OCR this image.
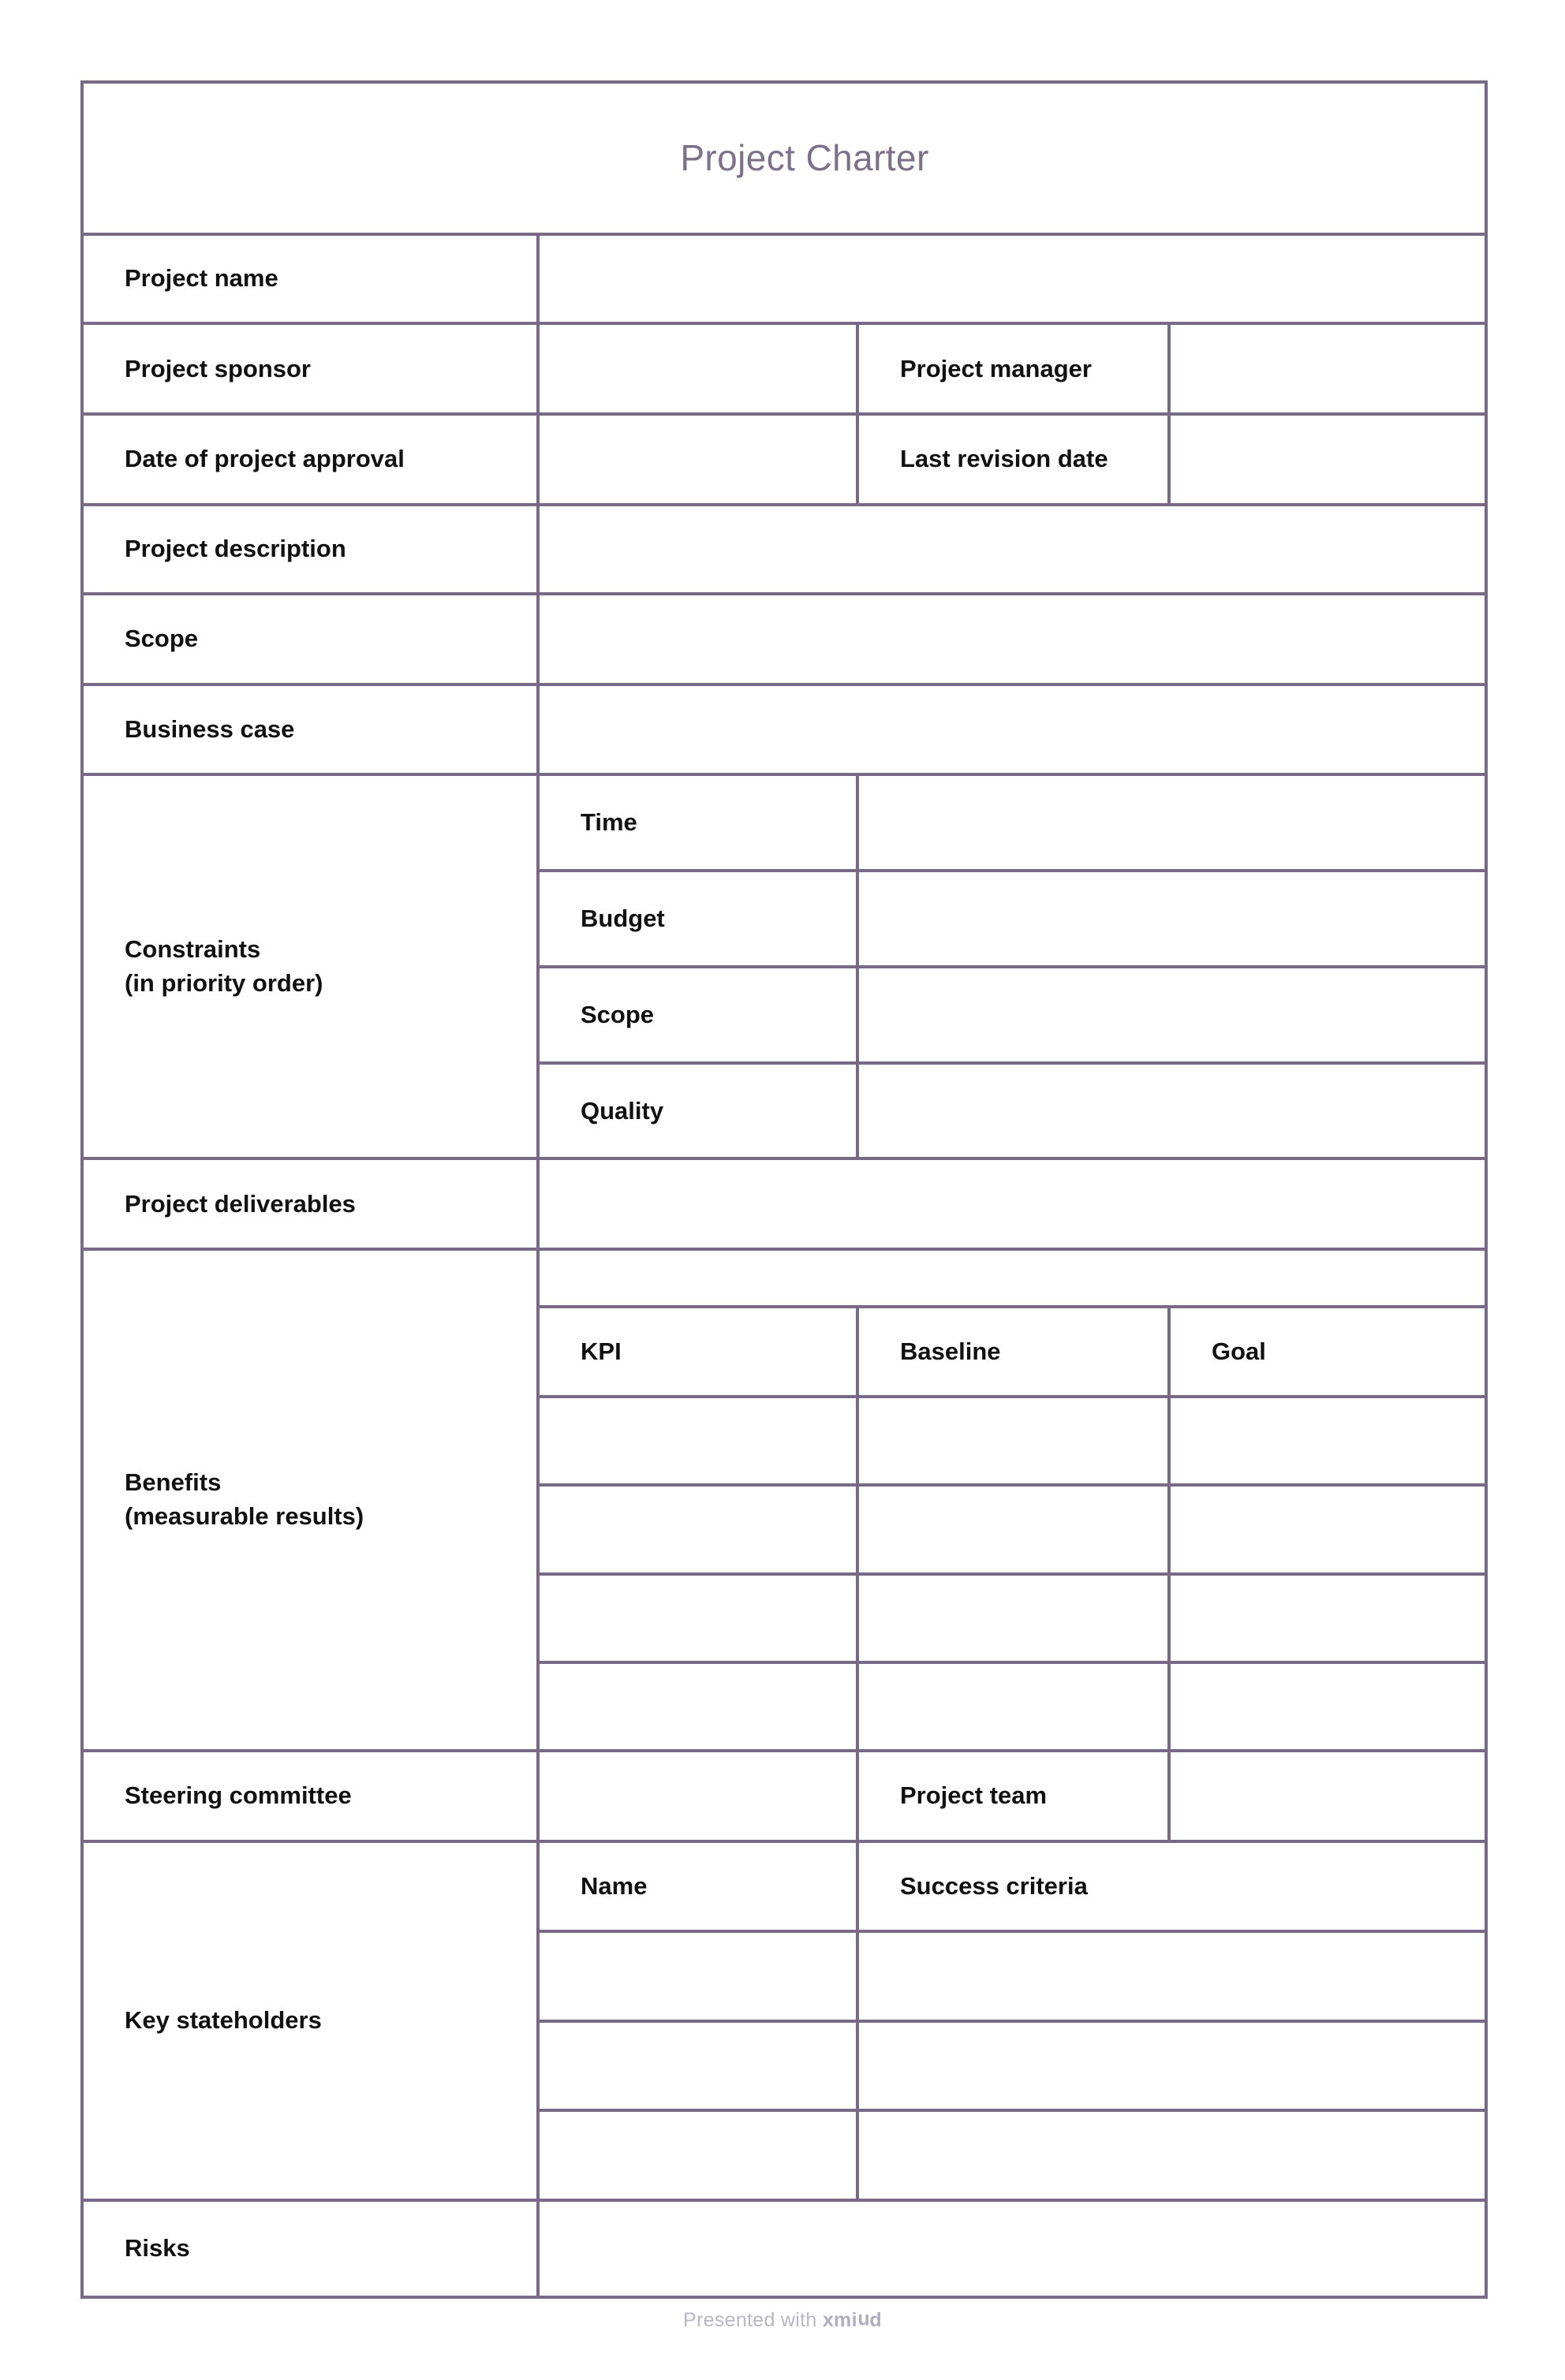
Project Charter			
Project name			
Project sponsor		Project manager	
Date of project approval		Last revision date	
Project description			
Scope			
Business case			
Constraints
(in priority order)	Time		
	Budget		
	Scope		
	Quality		
Project deliverables			
Benefits
(measurable results)			
	KPI	Baseline	Goal

Steering committee		Project team	
Key stateholders	Name	Success criteria	

Risks			
Presented with xmind
